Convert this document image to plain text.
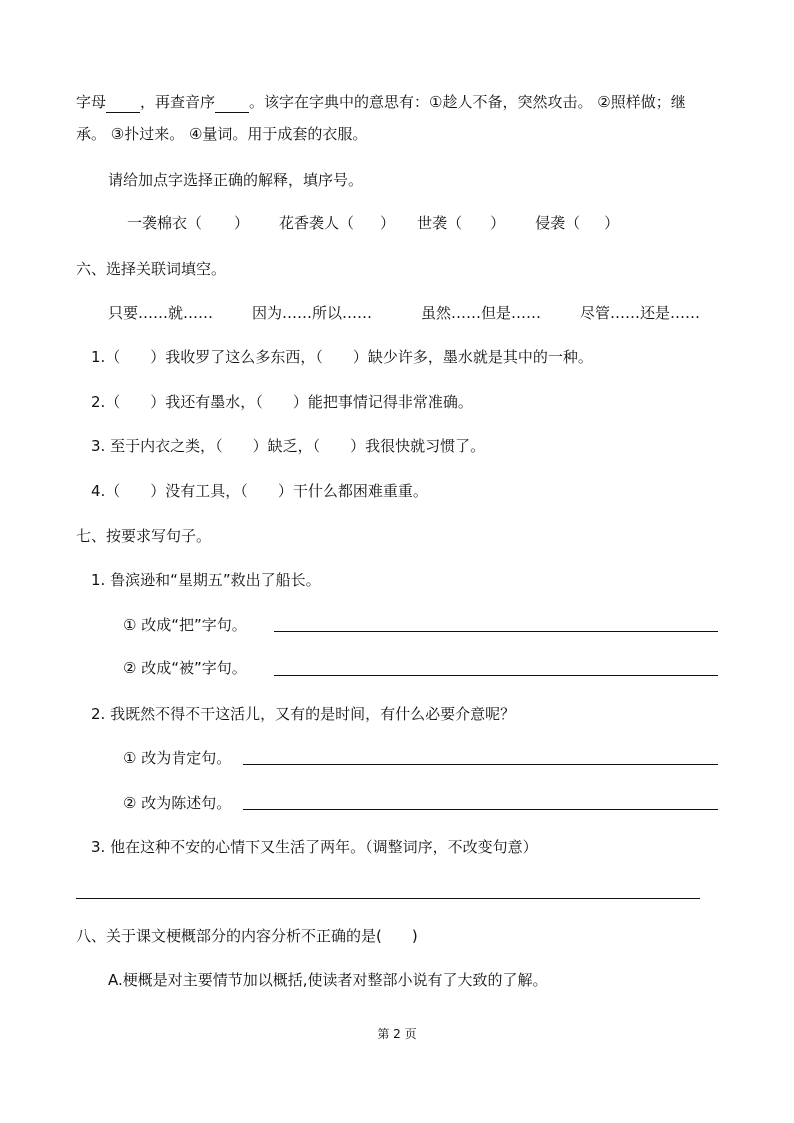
字母 ，再查音序 。该字在字典中的意思有：①趁人不备，突然攻击。 ②照样做；继
承。 ③扑过来。 ④量词。用于成套的衣服。
请给加点字选择正确的解释，填序号。
一袭棉衣（ ） 花香袭人（ ） 世袭（ ） 侵袭（ ）
六、选择关联词填空。
只要……就……	因为……所以……	虽然……但是……	尽管……还是……
1.（　　）我收罗了这么多东西，（　　）缺少许多，墨水就是其中的一种。
2.（　　）我还有墨水，（　　）能把事情记得非常准确。
3. 至于内衣之类，（　　）缺乏，（　　）我很快就习惯了。
4.（　　）没有工具，（　　）干什么都困难重重。
七、按要求写句子。
1. 鲁滨逊和“星期五”救出了船长。
① 改成“把”字句。
② 改成“被”字句。
2. 我既然不得不干这活儿，又有的是时间，有什么必要介意呢？
① 改为肯定句。
② 改为陈述句。
3. 他在这种不安的心情下又生活了两年。（调整词序，不改变句意）
八、关于课文梗概部分的内容分析不正确的是(　　)
A.梗概是对主要情节加以概括,使读者对整部小说有了大致的了解。
第 2 页
